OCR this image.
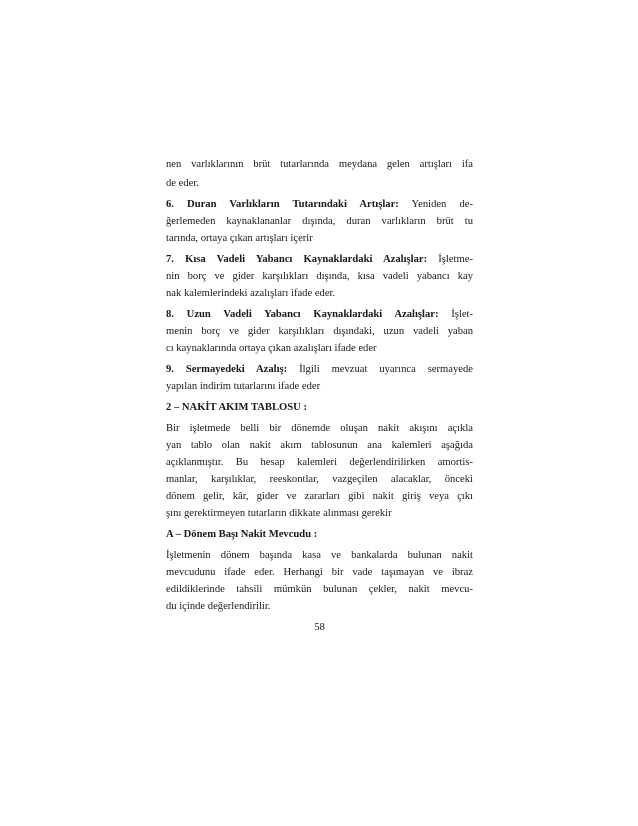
nen varlıklarının brüt tutarlarında meydana gelen artışları ifa
de eder.
6. Duran Varlıkların Tutarındaki Artışlar: Yeniden de-
ğerlemeden kaynaklananlar dışında, duran varlıkların brüt tu
tarında, ortaya çıkan artışları içerir
7. Kısa Vadeli Yabancı Kaynaklardaki Azalışlar: İşletme-
nin borç ve gider karşılıkları dışında, kısa vadeli yabancı kay
nak kalemlerindeki azalışları ifade eder.
8. Uzun Vadeli Yabancı Kaynaklardaki Azalışlar: İşlet-
menin borç ve gider karşılıkları dışındaki, uzun vadeli yaban
cı kaynaklarında ortaya çıkan azalışları ifade eder
9. Sermayedeki Azalış: İlgili mevzuat uyarınca sermayede
yapılan indirim tutarlarını ifade eder
2 – NAKİT AKIM TABLOSU :
Bir işletmede belli bir dönemde oluşan nakit akışını açıkla
yan tablo olan nakit akım tablosunun ana kalemleri aşağıda
açıklanmıştır. Bu hesap kalemleri değerlendirilirken amortis-
manlar, karşılıklar, reeskontlar, vazgeçilen alacaklar, önceki
dönem gelir, kâr, gider ve zararları gibi nakit giriş veya çıkı
şını gerektirmeyen tutarların dikkate alınması gerekir
A – Dönem Başı Nakit Mevcudu :
İşletmenin dönem başında kasa ve bankalarda bulunan nakit
mevcudunu ifade eder. Herhangi bir vade taşımayan ve ibraz
edildiklerinde tahsili mümkün bulunan çekler, nakit mevcu-
du içinde değerlendirilir.
58
